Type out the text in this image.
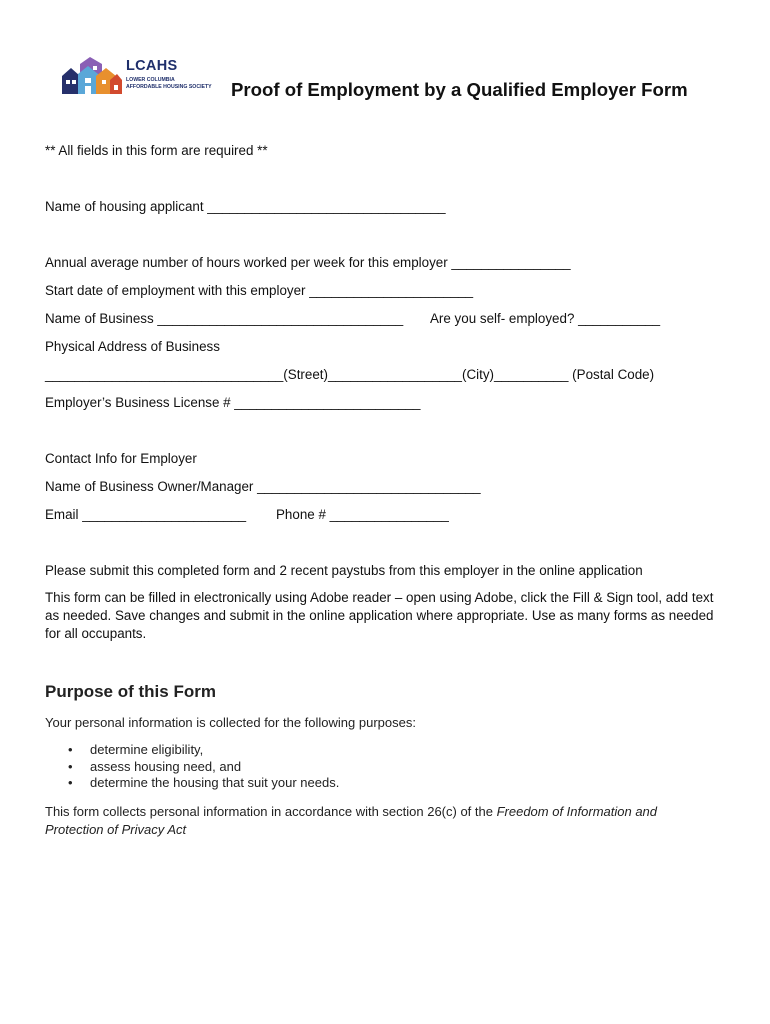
LCAHS
LOWER COLUMBIA
AFFORDABLE HOUSING SOCIETY Proof of Employment by a Qualified Employer Form
** All fields in this form are required **
Name of housing applicant ________________________________
Annual average number of hours worked per week for this employer ________________
Start date of employment with this employer ______________________
Name of Business _________________________________ Are you self- employed? ___________
Physical Address of Business
________________________________(Street)__________________(City)__________ (Postal Code)
Employer’s Business License # _________________________
Contact Info for Employer
Name of Business Owner/Manager ______________________________
Email ______________________ Phone # ________________
Please submit this completed form and 2 recent paystubs from this employer in the online application
This form can be filled in electronically using Adobe reader – open using Adobe, click the Fill & Sign tool, add text as needed. Save changes and submit in the online application where appropriate. Use as many forms as needed for all occupants.
Purpose of this Form
Your personal information is collected for the following purposes:
• determine eligibility,
• assess housing need, and
• determine the housing that suit your needs.
This form collects personal information in accordance with section 26(c) of the Freedom of Information and Protection of Privacy Act
